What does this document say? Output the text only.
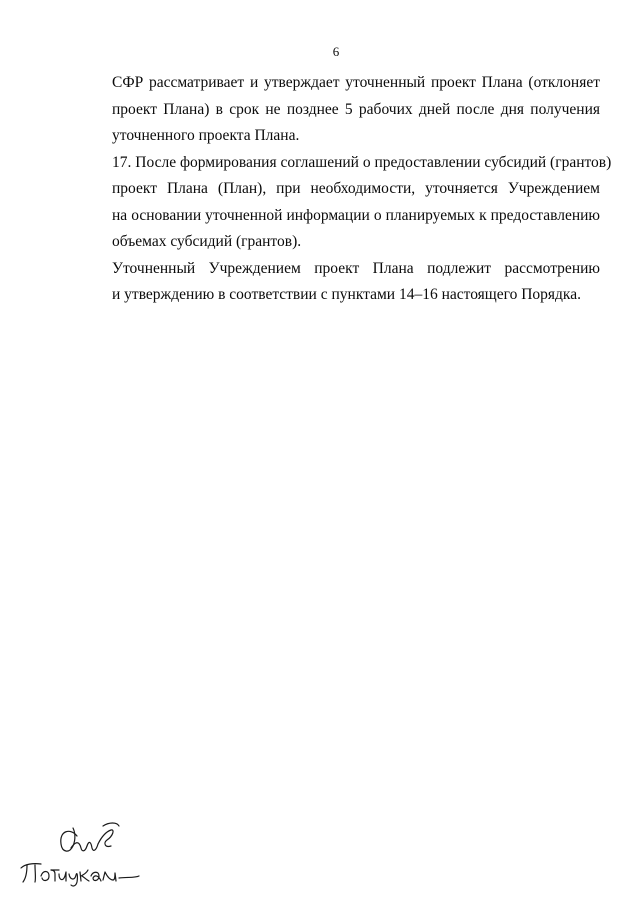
6

СФР рассматривает и утверждает уточненный проект Плана (отклоняет
проект Плана) в срок не позднее 5 рабочих дней после дня получения
уточненного проекта Плана.

17. После формирования соглашений о предоставлении субсидий (грантов)
проект Плана (План), при необходимости, уточняется Учреждением
на основании уточненной информации о планируемых к предоставлению
объемах субсидий (грантов).

Уточненный Учреждением проект Плана подлежит рассмотрению
и утверждению в соответствии с пунктами 14–16 настоящего Порядка.
